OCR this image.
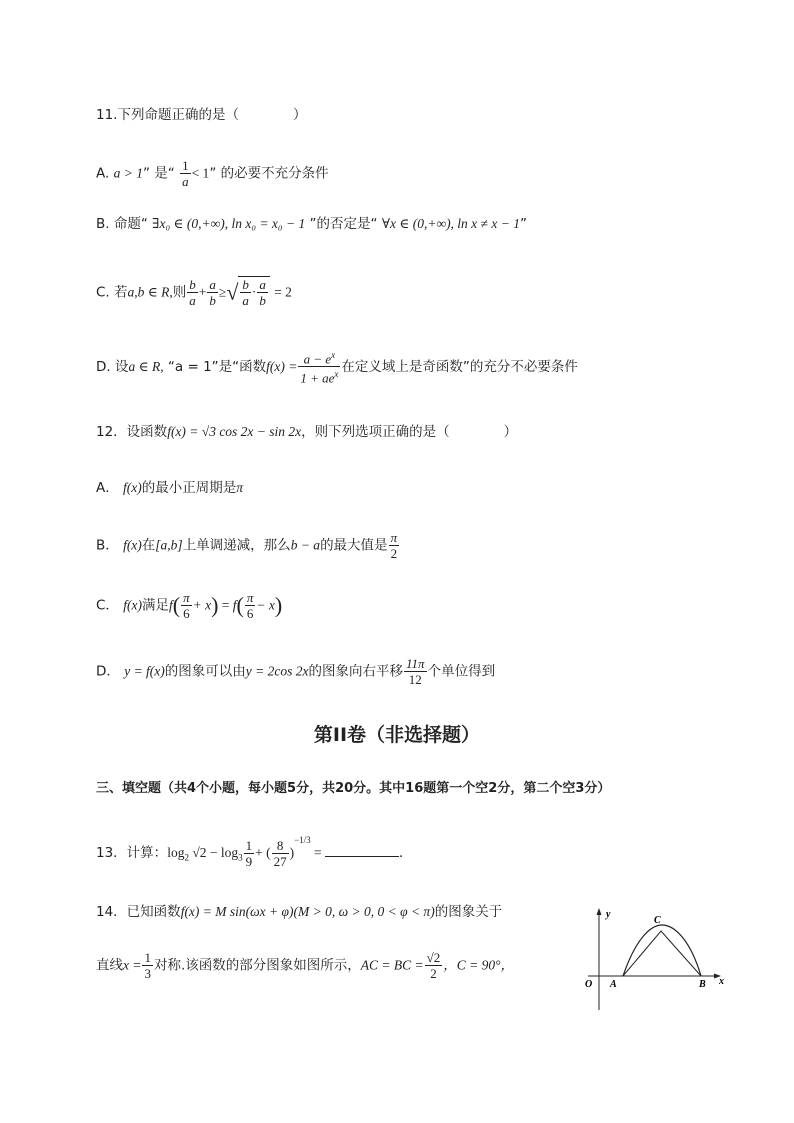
11.下列命题正确的是（　　　　）
A. a > 1” 是“ $\frac{1}{a} < 1$” 的必要不充分条件
B. 命题“ ∃x₀ ∈ (0,+∞), ln x₀ = x₀ − 1 ”的否定是“ ∀x ∈ (0,+∞), ln x ≠ x − 1”
C. 若a,b ∈ R,则 $\frac{b}{a} + \frac{a}{b}$ ≥√ $\frac{b}{a} \cdot \frac{a}{b} = 2$
D. 设a ∈ R, “a = 1”是“函数$f(x) = \frac{a - e^x}{1 + ae^x}$ 在定义域上是奇函数”的充分不必要条件
12．设函数f(x) = √3 cos 2x − sin 2x，则下列选项正确的是（　　　　）
A． f(x)的最小正周期是π
B． f(x)在[a,b]上单调递减，那么b − a的最大值是 $\frac{\pi}{2}$
C． f(x)满足$f( \frac{\pi}{6} + x) = f( \frac{\pi}{6} - x)$
D． y = f(x)的图象可以由y = 2cos 2x的图象向右平移 $\frac{11\pi}{12}$ 个单位得到
第II卷（非选择题）
三、填空题（共4个小题，每小题5分，共20分。其中16题第一个空2分，第二个空3分）
13．计算：$\log_2 √2 - \log_3 \frac{1}{9}$ + ( $\frac{8}{27} )^{-1/3}$ =	．
14．已知函数f(x) = M sin(ωx + φ)(M > 0, ω > 0, 0 < φ < π)的图象关于
直线$x = \frac{1}{3}$ 对称.该函数的部分图象如图所示，AC = BC = $\frac{√2}{2}$ ，C = 90°，
y
x
O A	B
C
